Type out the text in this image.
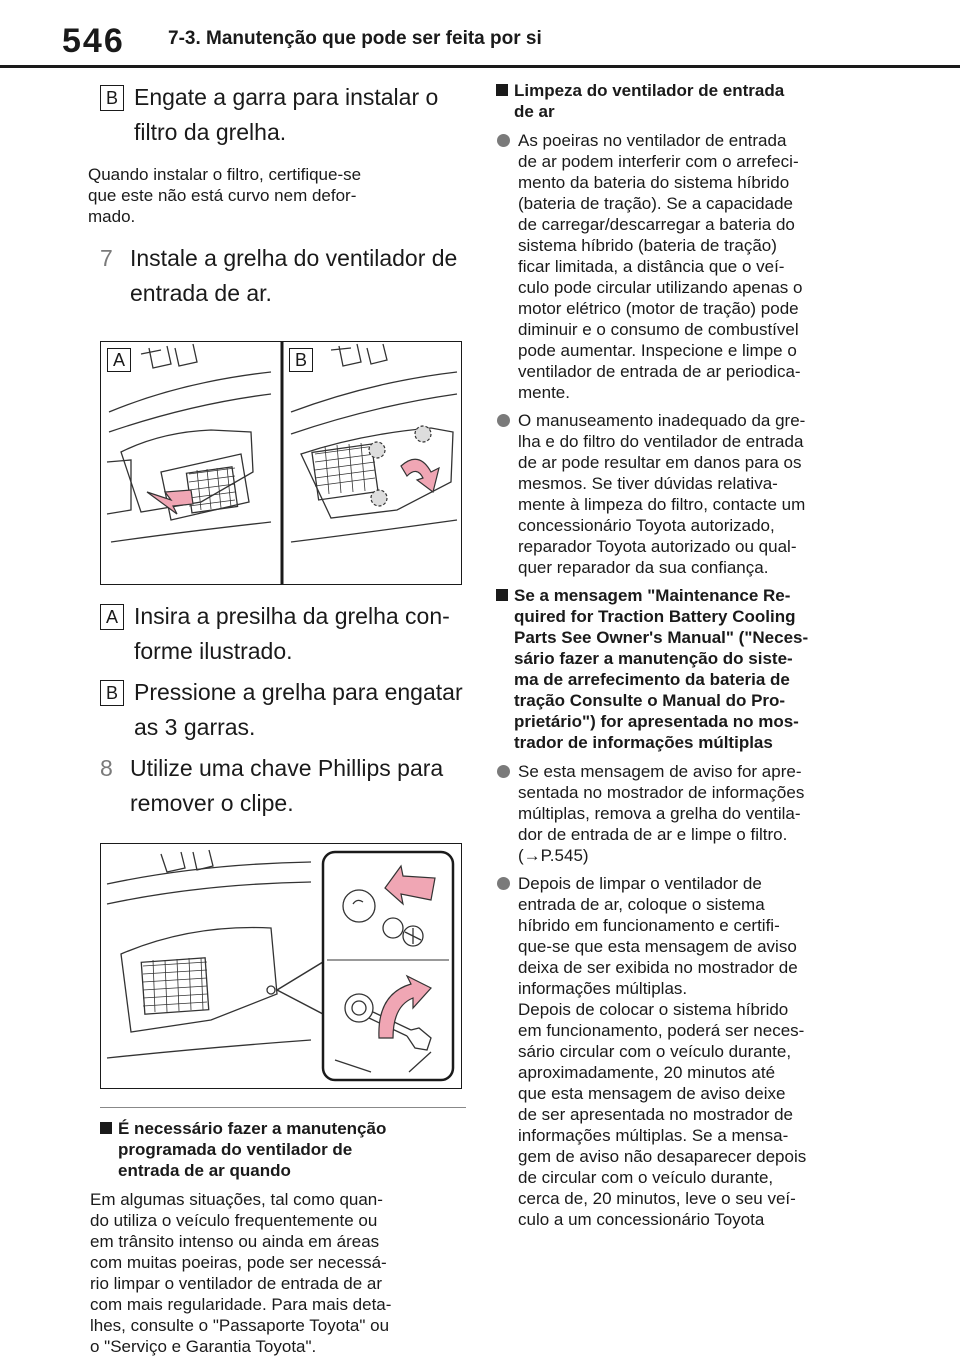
546 7-3. Manutenção que pode ser feita por si
B Engate a garra para instalar o
filtro da grelha.
Quando instalar o filtro, certifique-se
que este não está curvo nem defor-
mado.
7 Instale a grelha do ventilador de
entrada de ar.
A	B
A Insira a presilha da grelha con-
forme ilustrado.
B Pressione a grelha para engatar
as 3 garras.
8 Utilize uma chave Phillips para
remover o clipe.
É necessário fazer a manutenção
programada do ventilador de
entrada de ar quando
Em algumas situações, tal como quan-
do utiliza o veículo frequentemente ou
em trânsito intenso ou ainda em áreas
com muitas poeiras, pode ser necessá-
rio limpar o ventilador de entrada de ar
com mais regularidade. Para mais deta-
lhes, consulte o "Passaporte Toyota" ou
o "Serviço e Garantia Toyota".
Limpeza do ventilador de entrada
de ar
As poeiras no ventilador de entrada
de ar podem interferir com o arrefeci-
mento da bateria do sistema híbrido
(bateria de tração). Se a capacidade
de carregar/descarregar a bateria do
sistema híbrido (bateria de tração)
ficar limitada, a distância que o veí-
culo pode circular utilizando apenas o
motor elétrico (motor de tração) pode
diminuir e o consumo de combustível
pode aumentar. Inspecione e limpe o
ventilador de entrada de ar periodica-
mente.
O manuseamento inadequado da gre-
lha e do filtro do ventilador de entrada
de ar pode resultar em danos para os
mesmos. Se tiver dúvidas relativa-
mente à limpeza do filtro, contacte um
concessionário Toyota autorizado,
reparador Toyota autorizado ou qual-
quer reparador da sua confiança.
Se a mensagem "Maintenance Re-
quired for Traction Battery Cooling
Parts See Owner's Manual" ("Neces-
sário fazer a manutenção do siste-
ma de arrefecimento da bateria de
tração Consulte o Manual do Pro-
prietário") for apresentada no mos-
trador de informações múltiplas
Se esta mensagem de aviso for apre-
sentada no mostrador de informações
múltiplas, remova a grelha do ventila-
dor de entrada de ar e limpe o filtro.
(→P.545)
Depois de limpar o ventilador de
entrada de ar, coloque o sistema
híbrido em funcionamento e certifi-
que-se que esta mensagem de aviso
deixa de ser exibida no mostrador de
informações múltiplas.
Depois de colocar o sistema híbrido
em funcionamento, poderá ser neces-
sário circular com o veículo durante,
aproximadamente, 20 minutos até
que esta mensagem de aviso deixe
de ser apresentada no mostrador de
informações múltiplas. Se a mensa-
gem de aviso não desaparecer depois
de circular com o veículo durante,
cerca de, 20 minutos, leve o seu veí-
culo a um concessionário Toyota
